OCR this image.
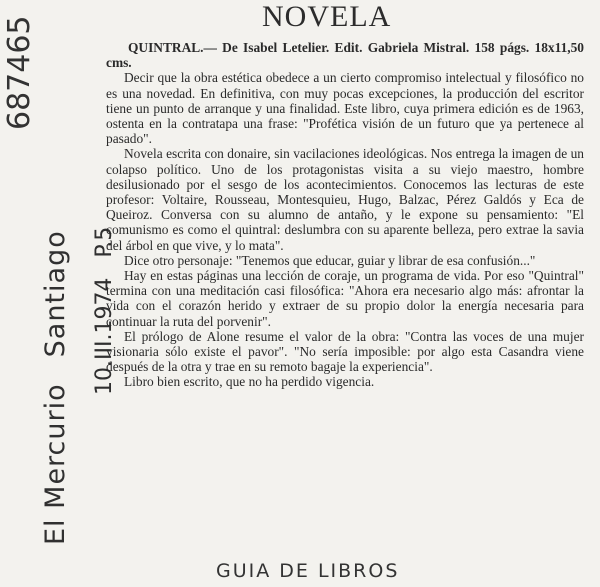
687465
El MercurioSantiago 10.III.1974P.5
NOVELA

QUINTRAL.— De Isabel Letelier. Edit. Gabriela Mistral. 158 págs. 18x11,50 cms.

Decir que la obra estética obedece a un cierto compromiso intelectual y filosófico no es una novedad. En definitiva, con muy pocas excepciones, la producción del escritor tiene un punto de arranque y una finalidad. Este libro, cuya primera edición es de 1963, ostenta en la contratapa una frase: "Profética visión de un futuro que ya pertenece al pasado".

Novela escrita con donaire, sin vacilaciones ideológicas. Nos entrega la imagen de un colapso político. Uno de los protagonistas visita a su viejo maestro, hombre desilusionado por el sesgo de los acontecimientos. Conocemos las lecturas de este profesor: Voltaire, Rousseau, Montesquieu, Hugo, Balzac, Pérez Galdós y Eca de Queiroz. Conversa con su alumno de antaño, y le expone su pensamiento: "El comunismo es como el quintral: deslumbra con su aparente belleza, pero extrae la savia del árbol en que vive, y lo mata".

Dice otro personaje: "Tenemos que educar, guiar y librar de esa confusión..."

Hay en estas páginas una lección de coraje, un programa de vida. Por eso "Quintral" termina con una meditación casi filosófica: "Ahora era necesario algo más: afrontar la vida con el corazón herido y extraer de su propio dolor la energía necesaria para continuar la ruta del porvenir".

El prólogo de Alone resume el valor de la obra: "Contra las voces de una mujer visionaria sólo existe el pavor". "No sería imposible: por algo esta Casandra viene después de la otra y trae en su remoto bagaje la experiencia".

Libro bien escrito, que no ha perdido vigencia.

GUIA DE LIBROS
